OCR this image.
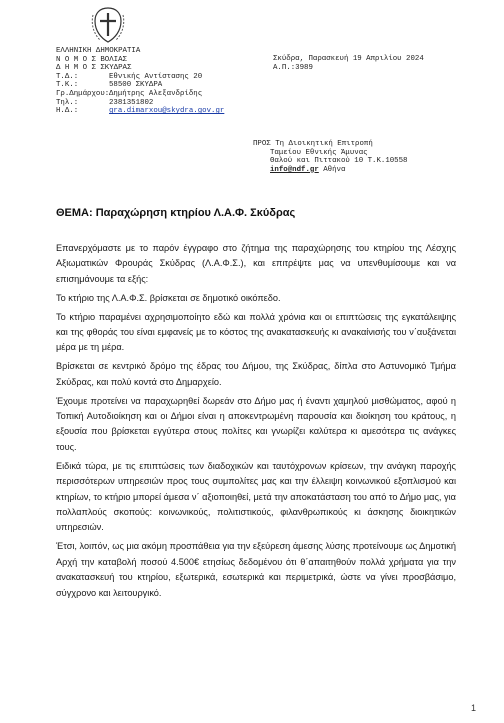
ΕΛΛΗΝΙΚΗ ΔΗΜΟΚΡΑΤΙΑ
Ν Ο Μ Ο Σ ΒΟΛΙΑΣ
Δ Η Μ Ο Σ ΣΚΥΔΡΑΣ
Τ.Δ.:	Εθνικής Αντίστασης 20
Τ.Κ.:	58500 ΣΚΥΔΡΑ
Γρ.Δημάρχου:Δημήτρης Αλεξανδρίδης
Τηλ.:	2381351802
Η.Δ.:	gra.dimarxou@skydra.gov.gr
Σκύδρα, Παρασκευή 19 Απριλίου 2024
Α.Π.:3989
ΠΡΟΣ Τη Διοικητική Επιτροπή
Ταμείου Εθνικής Άμυνας
Θαλού και Πιττακού 10 Τ.Κ.10558
info@ndf.gr Αθήνα
ΘΕΜΑ: Παραχώρηση κτηρίου Λ.Α.Φ. Σκύδρας

Επανερχόμαστε με το παρόν έγγραφο στο ζήτημα της παραχώρησης του κτηρίου της Λέσχης Αξιωματικών Φρουράς Σκύδρας (Λ.Α.Φ.Σ.), και επιτρέψτε μας να υπενθυμίσουμε και να επισημάνουμε τα εξής:

Το κτήριο της Λ.Α.Φ.Σ. βρίσκεται σε δημοτικό οικόπεδο.

Το κτήριο παραμένει αχρησιμοποίητο εδώ και πολλά χρόνια και οι επιπτώσεις της εγκατάλειψης και της φθοράς του είναι εμφανείς με το κόστος της ανακατασκευής κι ανακαίνισής του ν΄αυξάνεται μέρα με τη μέρα.

Βρίσκεται σε κεντρικό δρόμο της έδρας του Δήμου, της Σκύδρας, δίπλα στο Αστυνομικό Τμήμα Σκύδρας, και πολύ κοντά στο Δημαρχείο.

Έχουμε προτείνει να παραχωρηθεί δωρεάν στο Δήμο μας ή έναντι χαμηλού μισθώματος, αφού η Τοπική Αυτοδιοίκηση και οι Δήμοι είναι η αποκεντρωμένη παρουσία και διοίκηση του κράτους, η εξουσία που βρίσκεται εγγύτερα στους πολίτες και γνωρίζει καλύτερα κι αμεσότερα τις ανάγκες τους.

Ειδικά τώρα, με τις επιπτώσεις των διαδοχικών και ταυτόχρονων κρίσεων, την ανάγκη παροχής περισσότερων υπηρεσιών προς τους συμπολίτες μας και την έλλειψη κοινωνικού εξοπλισμού και κτηρίων, το κτήριο μπορεί άμεσα ν΄ αξιοποιηθεί, μετά την αποκατάσταση του από το Δήμο μας, για πολλαπλούς σκοπούς: κοινωνικούς, πολιτιστικούς, φιλανθρωπικούς κι άσκησης διοικητικών υπηρεσιών.

Έτσι, λοιπόν, ως μια ακόμη προσπάθεια για την εξεύρεση άμεσης λύσης προτείνουμε ως Δημοτική Αρχή την καταβολή ποσού 4.500€ ετησίως δεδομένου ότι θ΄απαιτηθούν πολλά χρήματα για την ανακατασκευή του κτηρίου, εξωτερικά, εσωτερικά και περιμετρικά, ώστε να γίνει προσβάσιμο, σύγχρονο και λειτουργικό.

1
